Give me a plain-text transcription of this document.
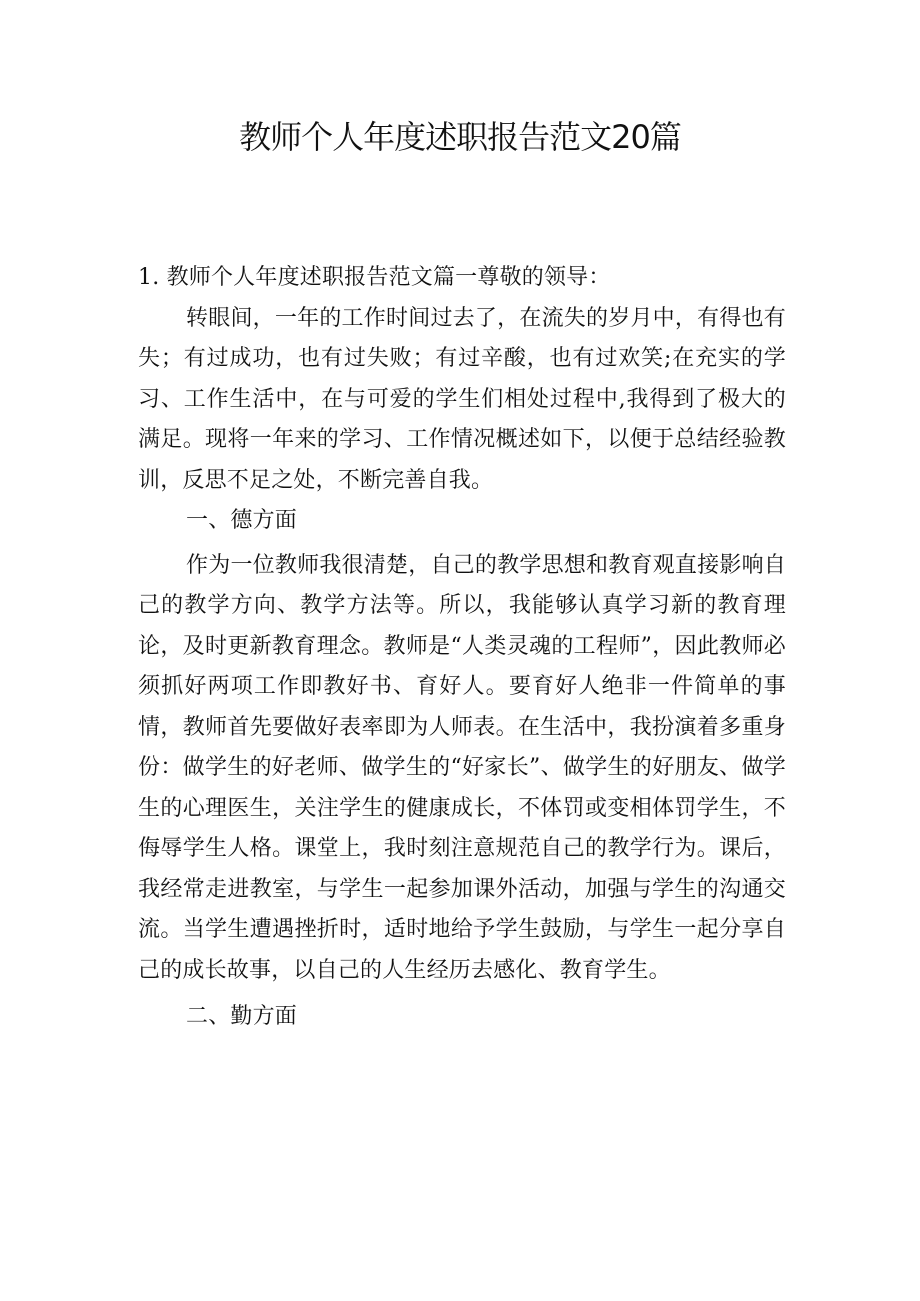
教师个人年度述职报告范文20篇

1. 教师个人年度述职报告范文篇一尊敬的领导：

转眼间，一年的工作时间过去了，在流失的岁月中，有得也有失；有过成功，也有过失败；有过辛酸，也有过欢笑;在充实的学习、工作生活中，在与可爱的学生们相处过程中,我得到了极大的满足。现将一年来的学习、工作情况概述如下，以便于总结经验教训，反思不足之处，不断完善自我。

一、德方面

作为一位教师我很清楚，自己的教学思想和教育观直接影响自己的教学方向、教学方法等。所以，我能够认真学习新的教育理论，及时更新教育理念。教师是“人类灵魂的工程师”，因此教师必须抓好两项工作即教好书、育好人。要育好人绝非一件简单的事情，教师首先要做好表率即为人师表。在生活中，我扮演着多重身份：做学生的好老师、做学生的“好家长”、做学生的好朋友、做学生的心理医生，关注学生的健康成长，不体罚或变相体罚学生，不侮辱学生人格。课堂上，我时刻注意规范自己的教学行为。课后，我经常走进教室，与学生一起参加课外活动，加强与学生的沟通交流。当学生遭遇挫折时，适时地给予学生鼓励，与学生一起分享自己的成长故事，以自己的人生经历去感化、教育学生。

二、勤方面
